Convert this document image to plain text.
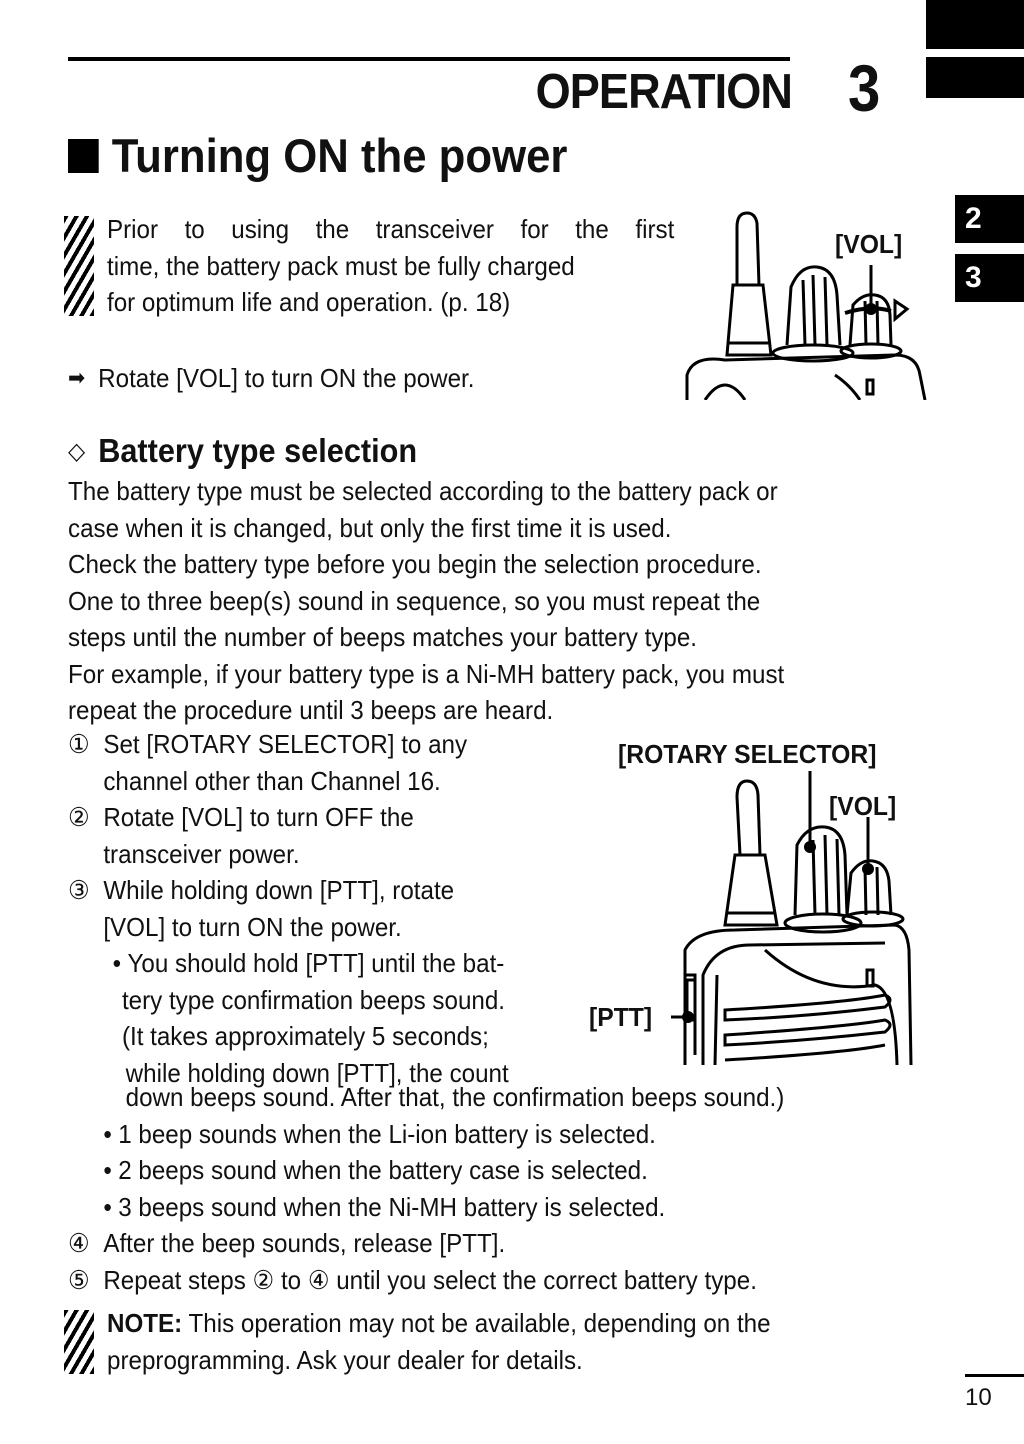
OPERATION 3
Turning ON the power
2
3
Prior to using the transceiver for the first
time, the battery pack must be fully charged
for optimum life and operation. (p. 18)
➡ Rotate [VOL] to turn ON the power.
[VOL]
◇ Battery type selection
The battery type must be selected according to the battery pack or
case when it is changed, but only the first time it is used.
Check the battery type before you begin the selection procedure.
One to three beep(s) sound in sequence, so you must repeat the
steps until the number of beeps matches your battery type.
For example, if your battery type is a Ni-MH battery pack, you must
repeat the procedure until 3 beeps are heard.
① Set [ROTARY SELECTOR] to any
channel other than Channel 16.
② Rotate [VOL] to turn OFF the
transceiver power.
③ While holding down [PTT], rotate
[VOL] to turn ON the power.
• You should hold [PTT] until the bat-
tery type confirmation beeps sound.
(It takes approximately 5 seconds;
while holding down [PTT], the count
down beeps sound. After that, the confirmation beeps sound.)
• 1 beep sounds when the Li-ion battery is selected.
• 2 beeps sound when the battery case is selected.
• 3 beeps sound when the Ni-MH battery is selected.
④ After the beep sounds, release [PTT].
⑤ Repeat steps ② to ④ until you select the correct battery type.
[ROTARY SELECTOR]
[VOL]
[PTT]
NOTE: This operation may not be available, depending on the
preprogramming. Ask your dealer for details.
10
